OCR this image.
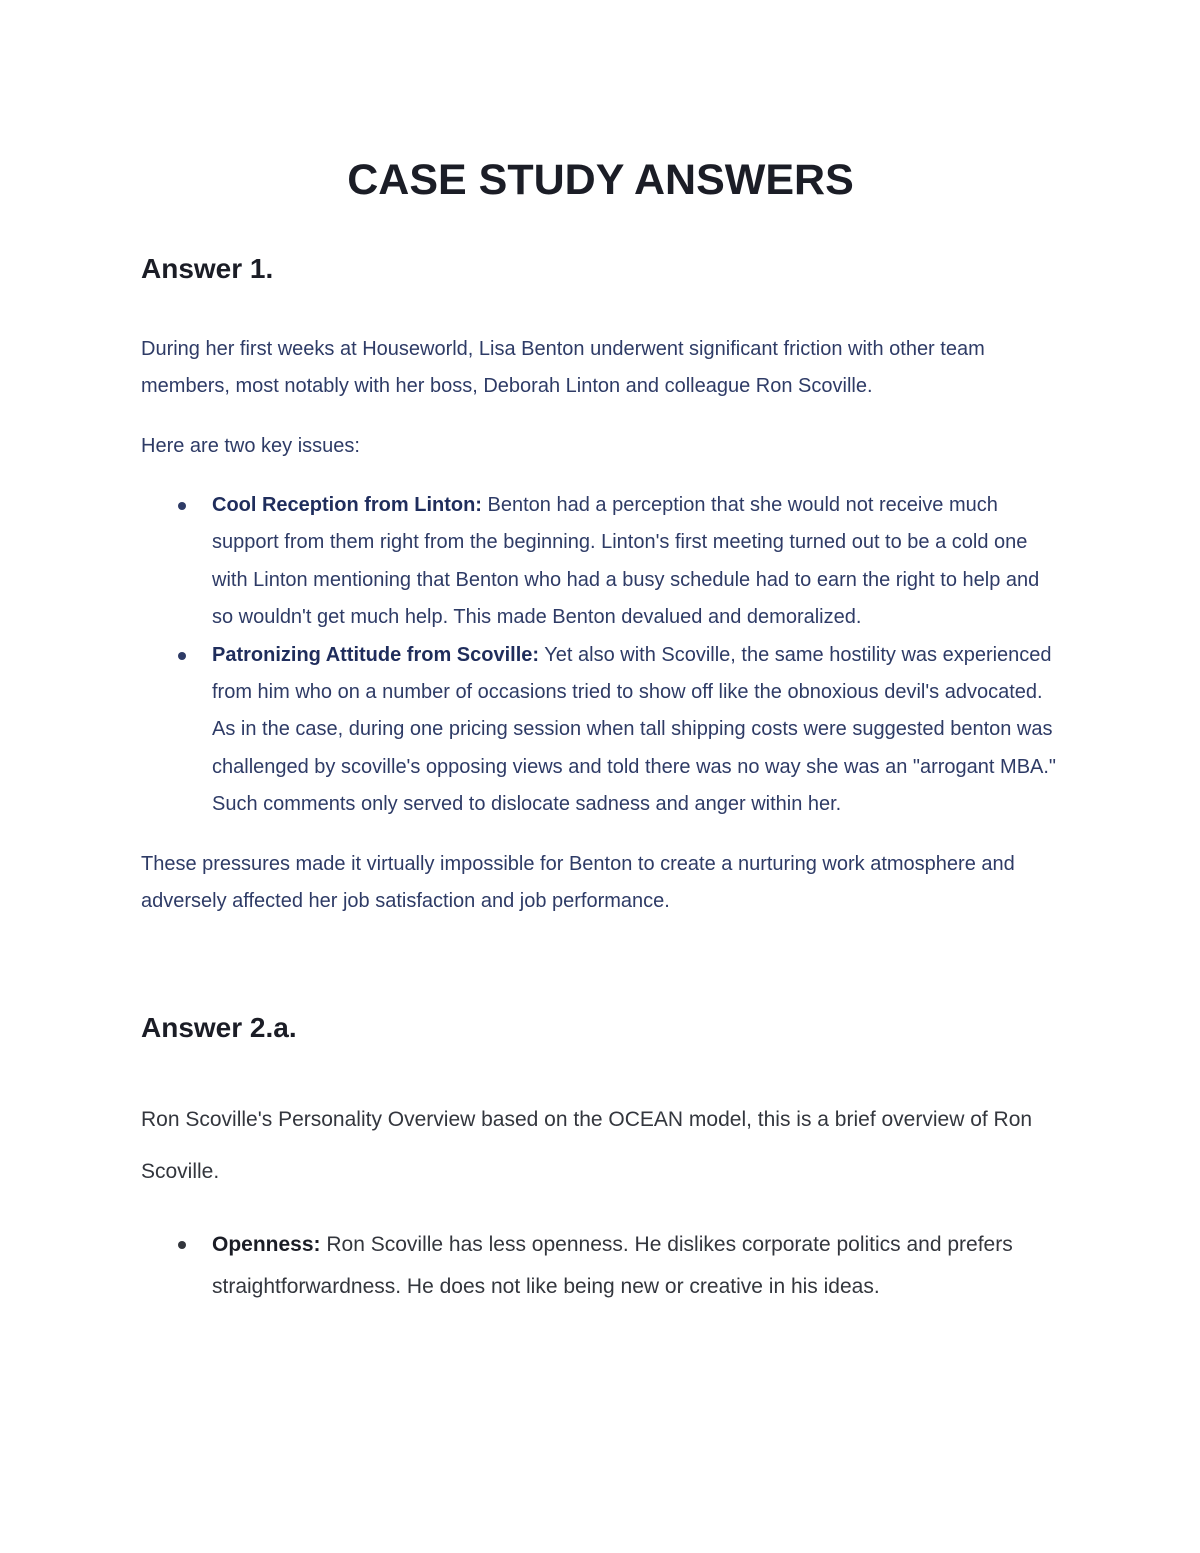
CASE STUDY ANSWERS
Answer 1.

During her first weeks at Houseworld, Lisa Benton underwent significant friction with other team members, most notably with her boss, Deborah Linton and colleague Ron Scoville.

Here are two key issues:

Cool Reception from Linton: Benton had a perception that she would not receive much support from them right from the beginning. Linton's first meeting turned out to be a cold one with Linton mentioning that Benton who had a busy schedule had to earn the right to help and so wouldn't get much help. This made Benton devalued and demoralized.
Patronizing Attitude from Scoville: Yet also with Scoville, the same hostility was experienced from him who on a number of occasions tried to show off like the obnoxious devil's advocated. As in the case, during one pricing session when tall shipping costs were suggested benton was challenged by scoville's opposing views and told there was no way she was an "arrogant MBA." Such comments only served to dislocate sadness and anger within her.

These pressures made it virtually impossible for Benton to create a nurturing work atmosphere and adversely affected her job satisfaction and job performance.

Answer 2.a.

Ron Scoville's Personality Overview based on the OCEAN model, this is a brief overview of Ron Scoville.

Openness: Ron Scoville has less openness. He dislikes corporate politics and prefers straightforwardness. He does not like being new or creative in his ideas.
